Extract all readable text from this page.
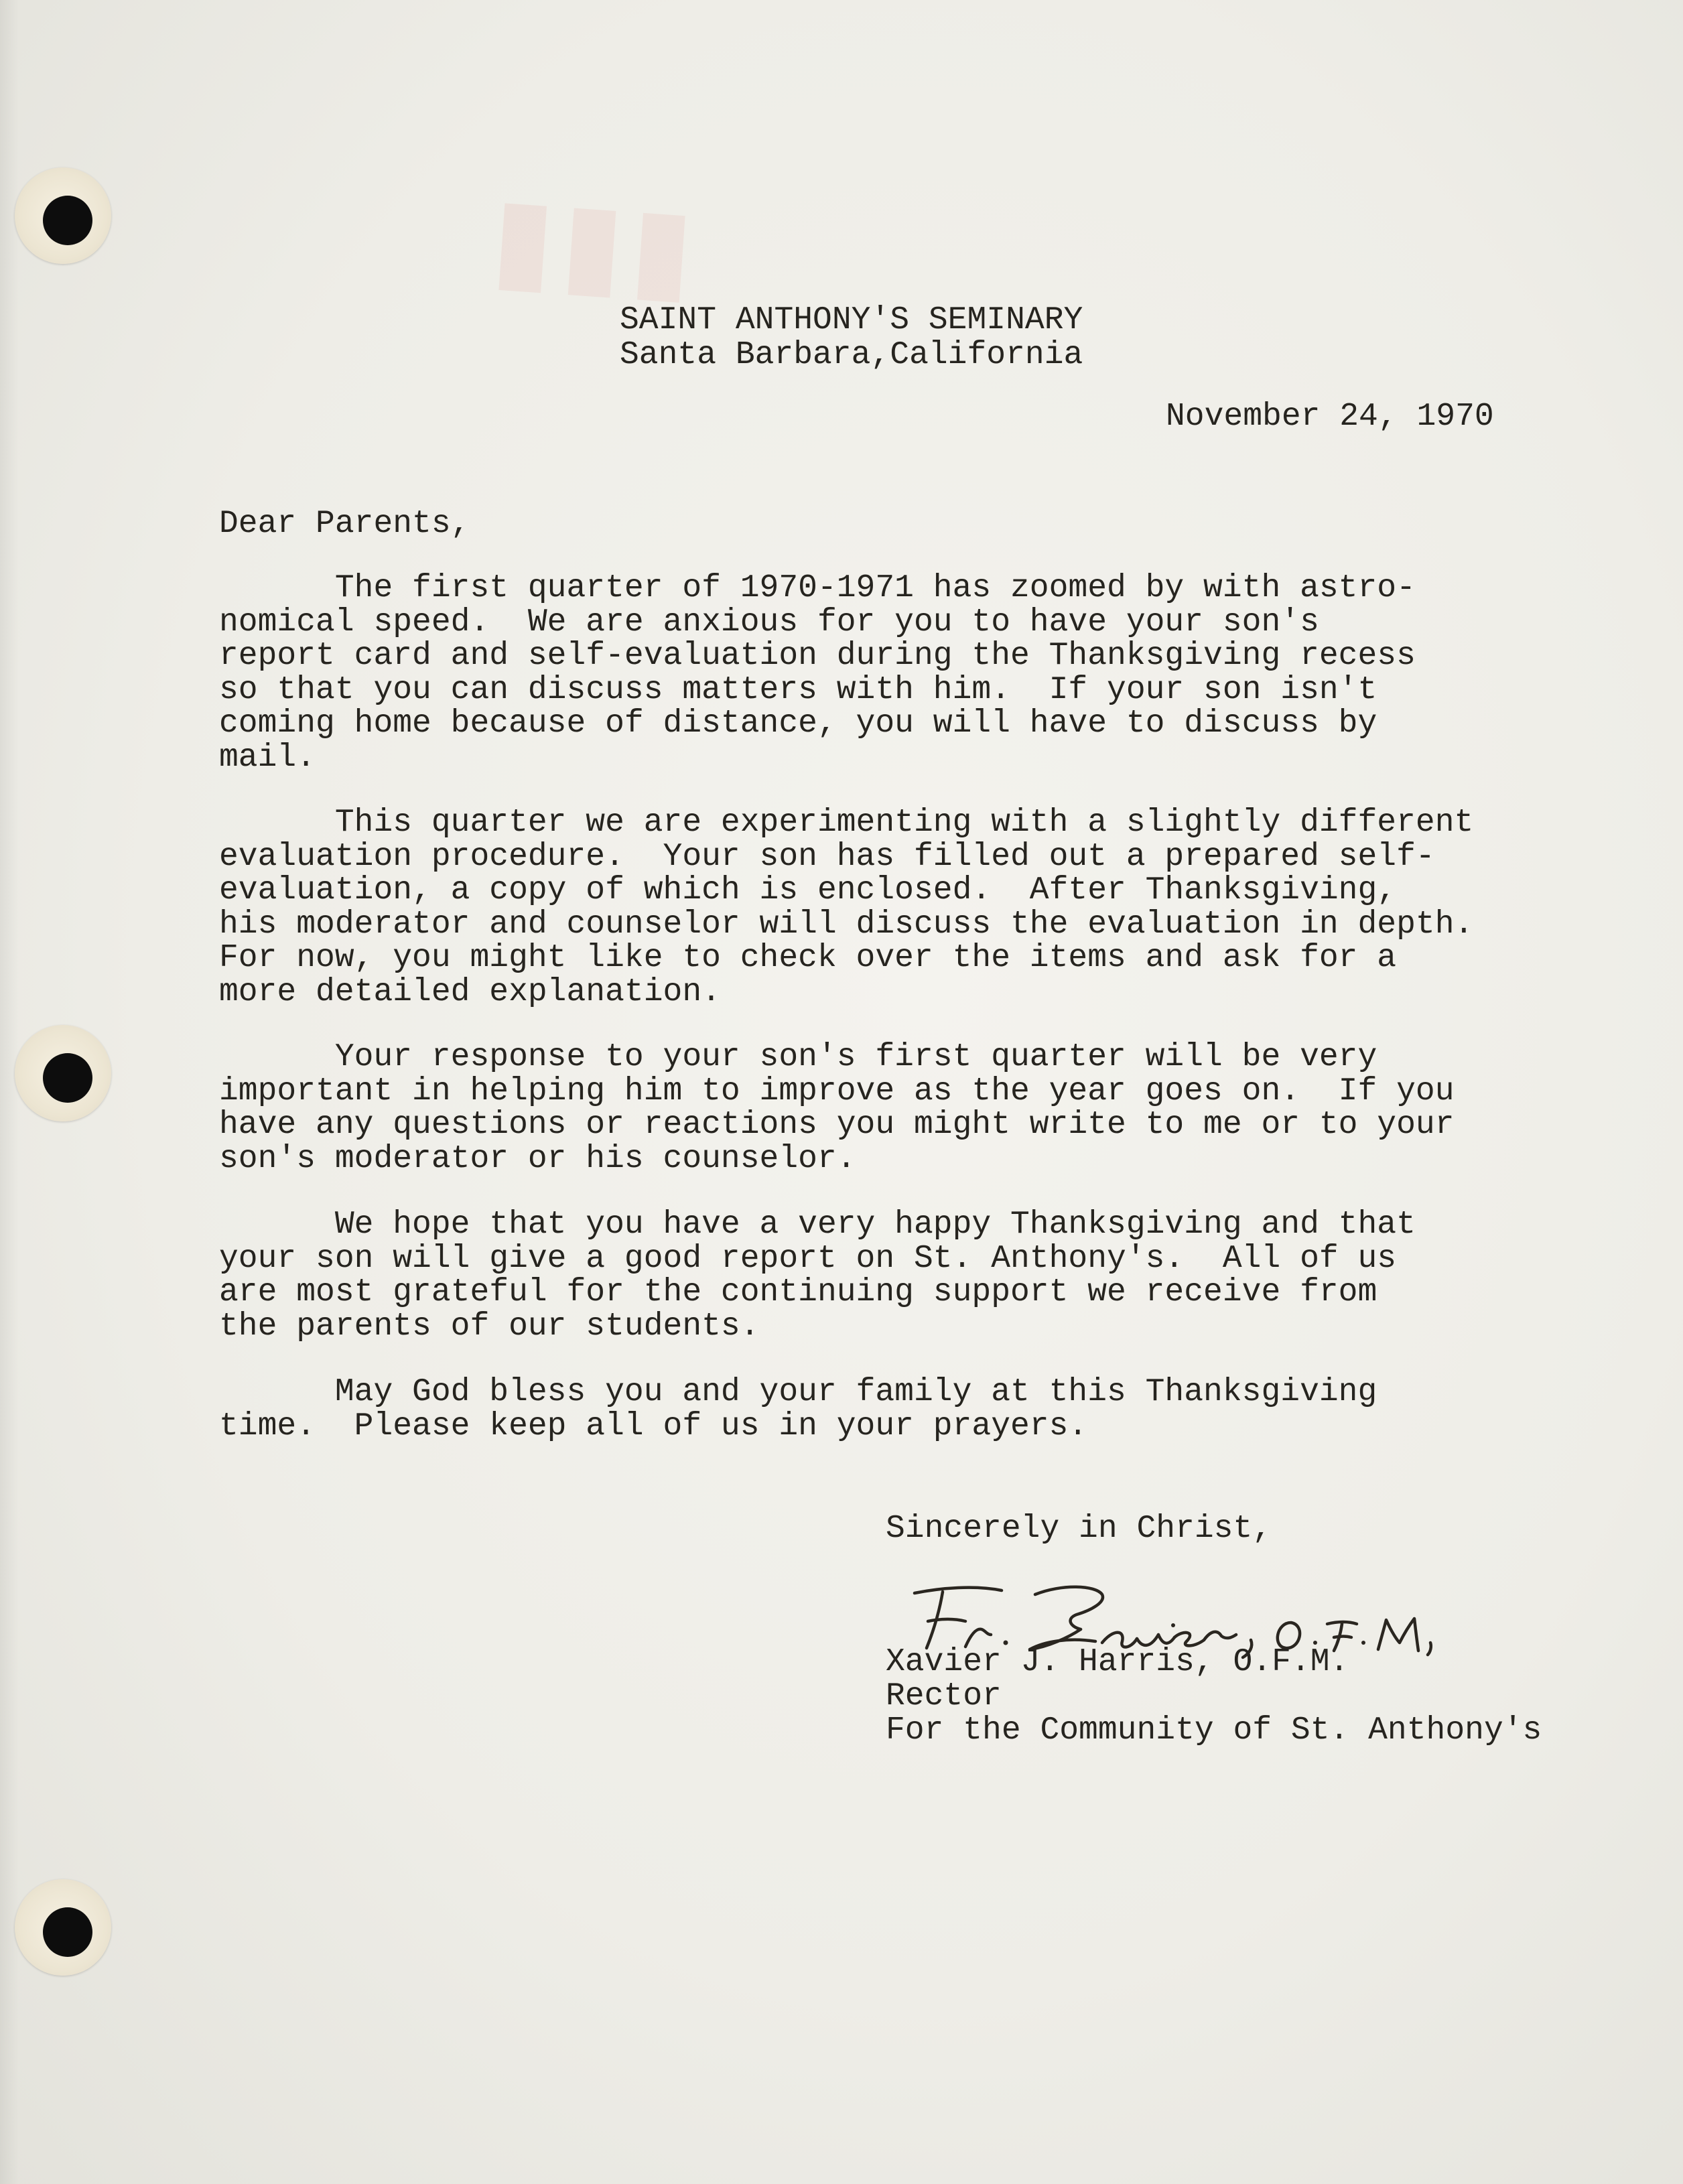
▮▮▮
SAINT ANTHONY'S SEMINARY
Santa Barbara,California
November 24, 1970
Dear Parents,
The first quarter of 1970-1971 has zoomed by with astro-
nomical speed.  We are anxious for you to have your son's
report card and self-evaluation during the Thanksgiving recess
so that you can discuss matters with him.  If your son isn't
coming home because of distance, you will have to discuss by
mail.
This quarter we are experimenting with a slightly different
evaluation procedure.  Your son has filled out a prepared self-
evaluation, a copy of which is enclosed.  After Thanksgiving,
his moderator and counselor will discuss the evaluation in depth.
For now, you might like to check over the items and ask for a
more detailed explanation.
Your response to your son's first quarter will be very
important in helping him to improve as the year goes on.  If you
have any questions or reactions you might write to me or to your
son's moderator or his counselor.
We hope that you have a very happy Thanksgiving and that
your son will give a good report on St. Anthony's.  All of us
are most grateful for the continuing support we receive from
the parents of our students.
May God bless you and your family at this Thanksgiving
time.  Please keep all of us in your prayers.
Sincerely in Christ,
Xavier J. Harris, O.F.M.
Rector
For the Community of St. Anthony's
